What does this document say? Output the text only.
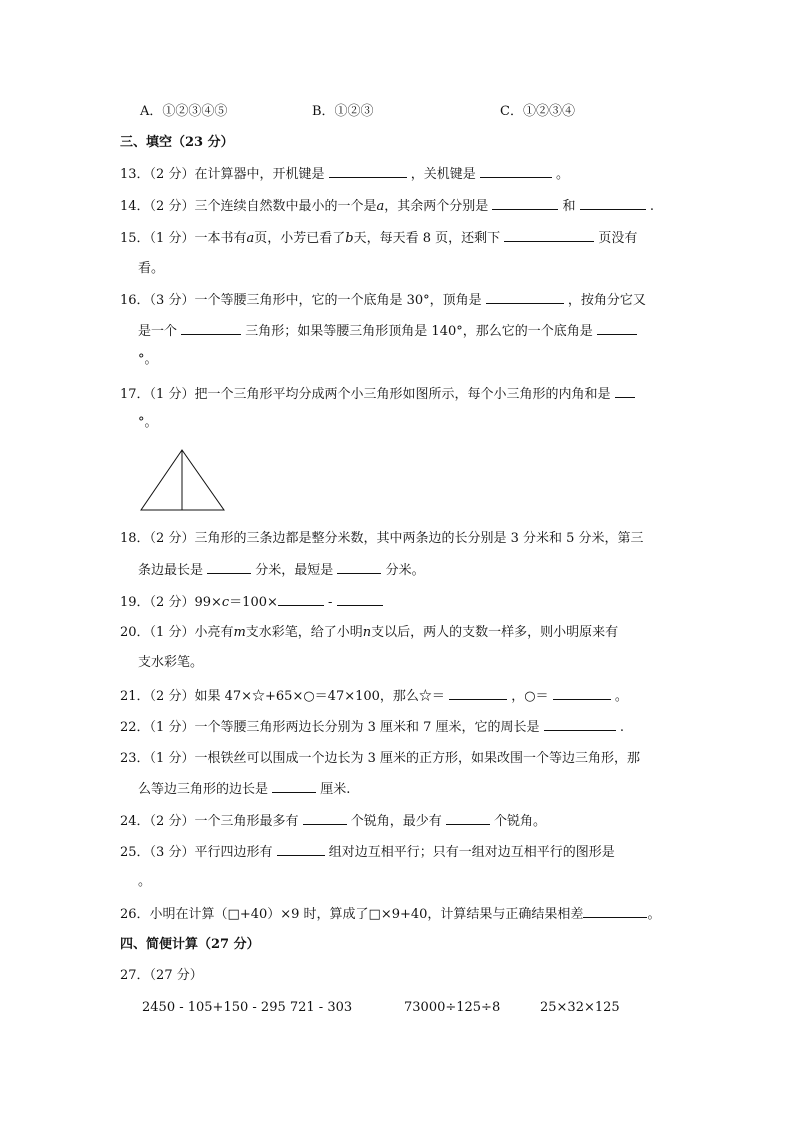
A．①②③④⑤	B．①②③	C．①②③④
三、填空（23 分）
13．（2 分）在计算器中，开机键是	，关机键是	。
14．（2 分）三个连续自然数中最小的一个是a，其余两个分别是	和	.
15．（1 分）一本书有a页，小芳已看了b天，每天看 8 页，还剩下	页没有
看。
16．（3 分）一个等腰三角形中，它的一个底角是 30°，顶角是	，按角分它又
是一个	三角形；如果等腰三角形顶角是 140°，那么它的一个底角是
°。
17．（1 分）把一个三角形平均分成两个小三角形如图所示，每个小三角形的内角和是
°。
18．（2 分）三角形的三条边都是整分米数，其中两条边的长分别是 3 分米和 5 分米，第三
条边最长是	分米，最短是	分米。
19．（2 分）99×c＝100×	-
20．（1 分）小亮有m支水彩笔，给了小明n支以后，两人的支数一样多，则小明原来有
支水彩笔。
21．（2 分）如果 47×☆+65×○＝47×100，那么☆＝	，○＝	。
22．（1 分）一个等腰三角形两边长分别为 3 厘米和 7 厘米，它的周长是	.
23．（1 分）一根铁丝可以围成一个边长为 3 厘米的正方形，如果改围一个等边三角形，那
么等边三角形的边长是	厘米.
24．（2 分）一个三角形最多有	个锐角，最少有	个锐角。
25．（3 分）平行四边形有	组对边互相平行；只有一组对边互相平行的图形是
。
26．小明在计算（□+40）×9 时，算成了□×9+40，计算结果与正确结果相差	。
四、简便计算（27 分）
27．（27 分）
2450 - 105+150 - 295 721 - 303	73000÷125÷8	25×32×125
